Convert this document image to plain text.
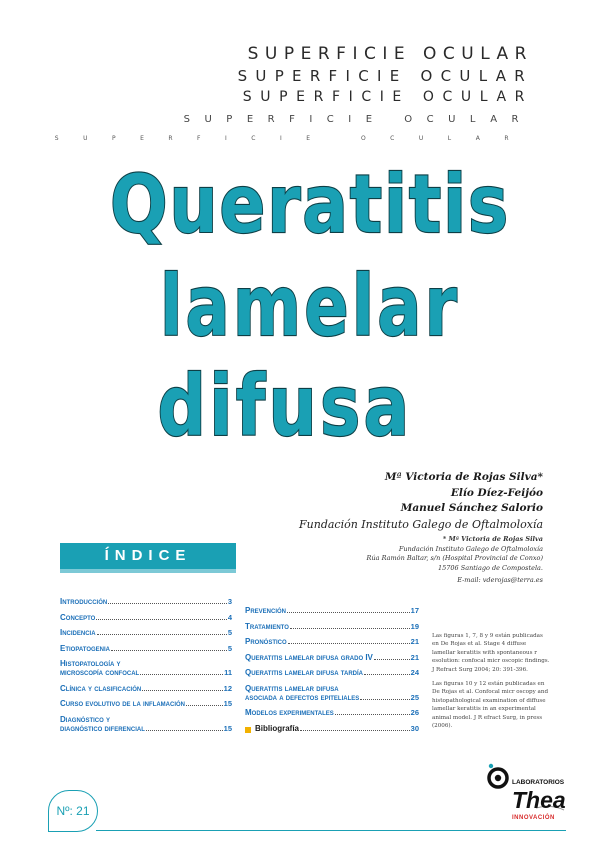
SUPERFICIE OCULAR
SUPERFICIE OCULAR
SUPERFICIE OCULAR
SUPERFICIE OCULAR
SUPERFICIE OCULAR
Queratitis
lamelar
difusa
Mª Victoria de Rojas Silva*
Elío Díez-Feijóo
Manuel Sánchez Salorio
Fundación Instituto Galego de Oftalmoloxía
* Mª Victoria de Rojas Silva
Fundación Instituto Galego de Oftalmoloxía
Rúa Ramón Baltar, s/n (Hospital Provincial de Conxo)
15706 Santiago de Compostela.
E-mail: vderojas@terra.es
ÍNDICE
Introducción	3
Concepto	4
Incidencia	5
Etiopatogenia	5
Histopatología y
microscopía confocal	11
Clínica y clasificación	12
Curso evolutivo de la inflamación	15
Diagnóstico y
diagnóstico diferencial	15
Prevención	17
Tratamiento	19
Pronóstico	21
Queratitis lamelar difusa grado IV	21
Queratitis lamelar difusa tardía	24
Queratitis lamelar difusa
asociada a defectos epiteliales	25
Modelos experimentales	26
Bibliografía	30

Las figuras 1, 7, 8 y 9 están publicadas en De Rojas et al. Stage 4 diffuse lamellar keratitis with spontaneous r esolution: confocal micr oscopic findings. J Refract Surg 2004; 20: 391-396.

Las figuras 10 y 12 están publicadas en De Rojas et al. Confocal micr oscopy and histopathological examination of diffuse lamellar keratitis in an experimental animal model. J R efract Surg, in press (2006).

Nº: 21
LABORATORIOS
Thea
INNOVACIÓN
